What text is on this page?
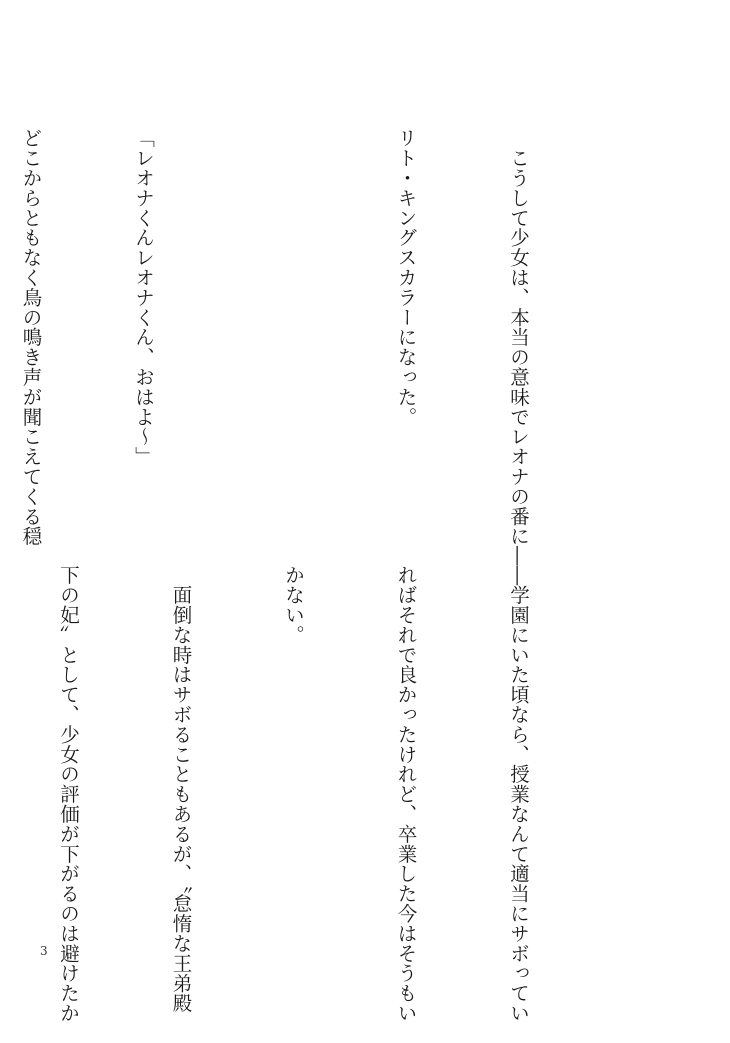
　こうして少女は、本当の意味でレオナの番に――

リト・キングスカラーになった。

「レオナくんレオナくん、おはよ～」

どこからともなく鳥の鳴き声が聞こえてくる穏

　学園にいた頃なら、授業なんて適当にサボってい

ればそれで良かったけれど、卒業した今はそうもい

かない。

　面倒な時はサボることもあるが、〝怠惰な王弟殿

下の妃〟として、少女の評価が下がるのは避けたか

3
